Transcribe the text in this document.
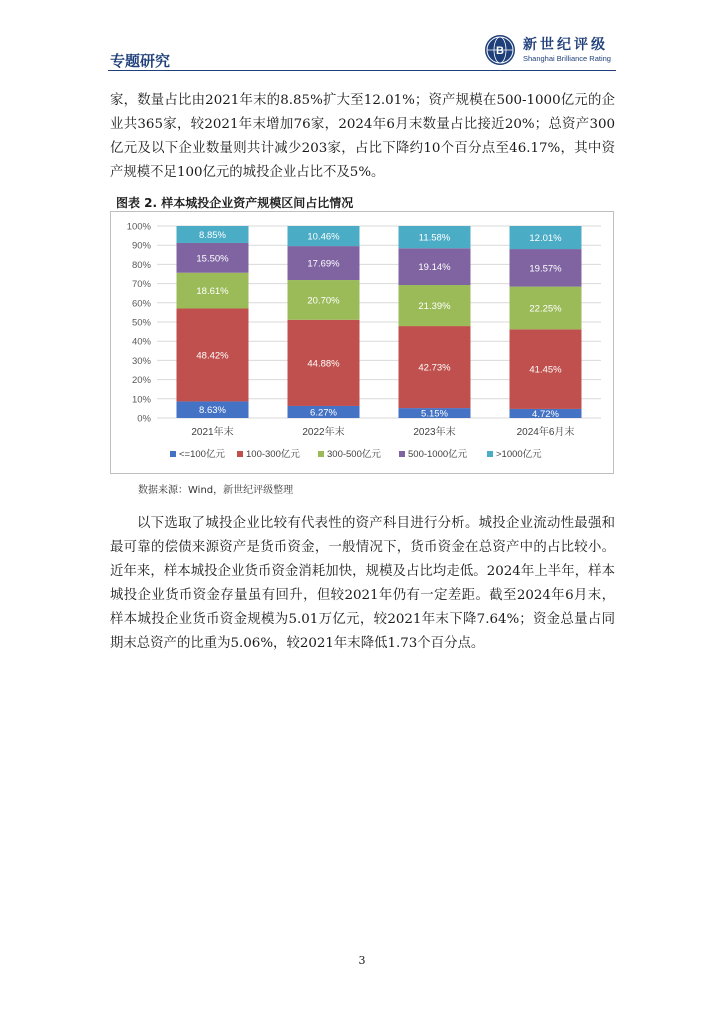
专题研究
B 新世纪评级
Shanghai Brilliance Rating

家，数量占比由2021年末的8.85%扩大至12.01%；资产规模在500-1000亿元的企业共365家，较2021年末增加76家，2024年6月末数量占比接近20%；总资产300亿元及以下企业数量则共计减少203家，占比下降约10个百分点至46.17%，其中资产规模不足100亿元的城投企业占比不及5%。

图表 2. 样本城投企业资产规模区间占比情况
0%
10%
20%
30%
40%
50%
60%
70%
80%
90%
100%
8.63%
48.42%
18.61%
15.50%
8.85%
2021年末
6.27%
44.88%
20.70%
17.69%
10.46%
2022年末
5.15%
42.73%
21.39%
19.14%
11.58%
2023年末
4.72%
41.45%
22.25%
19.57%
12.01%
2024年6月末
<=100亿元 100-300亿元	300-500亿元	500-1000亿元	>1000亿元
数据来源：Wind，新世纪评级整理

以下选取了城投企业比较有代表性的资产科目进行分析。城投企业流动性最强和最可靠的偿债来源资产是货币资金，一般情况下，货币资金在总资产中的占比较小。近年来，样本城投企业货币资金消耗加快，规模及占比均走低。2024年上半年，样本城投企业货币资金存量虽有回升，但较2021年仍有一定差距。截至2024年6月末，样本城投企业货币资金规模为5.01万亿元，较2021年末下降7.64%；资金总量占同期末总资产的比重为5.06%，较2021年末降低1.73个百分点。

3
